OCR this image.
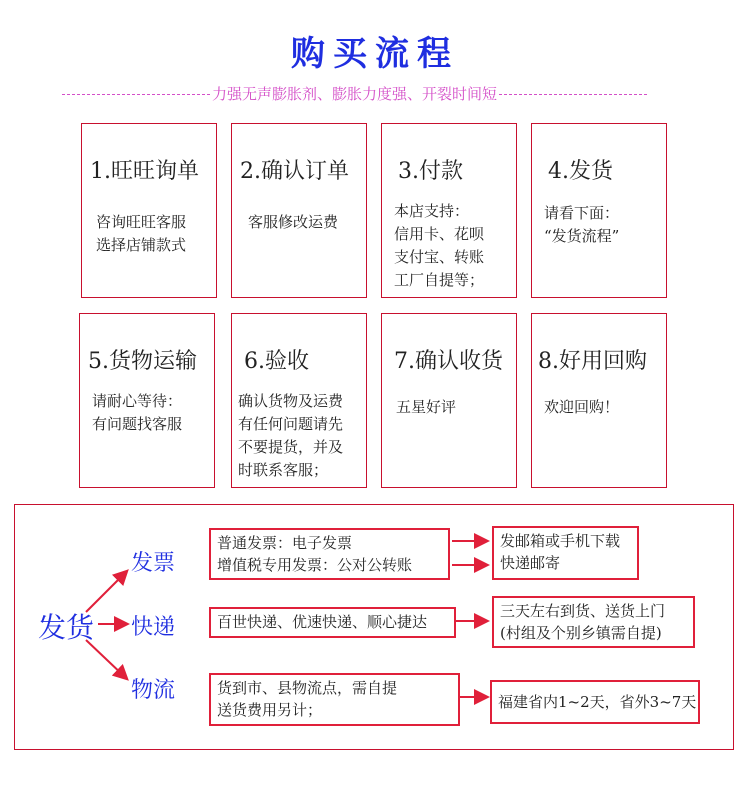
购买流程
力强无声膨胀剂、膨胀力度强、开裂时间短
1.旺旺询单
咨询旺旺客服
选择店铺款式
2.确认订单
客服修改运费
3.付款
本店支持：
信用卡、花呗
支付宝、转账
工厂自提等；
4.发货
请看下面：
“发货流程”
5.货物运输
请耐心等待：
有问题找客服
6.验收
确认货物及运费
有任何问题请先
不要提货，并及
时联系客服；
7.确认收货
五星好评
8.好用回购
欢迎回购！
发货
发票
快递
物流
普通发票：电子发票
增值税专用发票：公对公转账
发邮箱或手机下载
快递邮寄
百世快递、优速快递、顺心捷达
三天左右到货、送货上门
(村组及个别乡镇需自提)
货到市、县物流点，需自提
送货费用另计；	福建省内1~2天，省外3~7天
